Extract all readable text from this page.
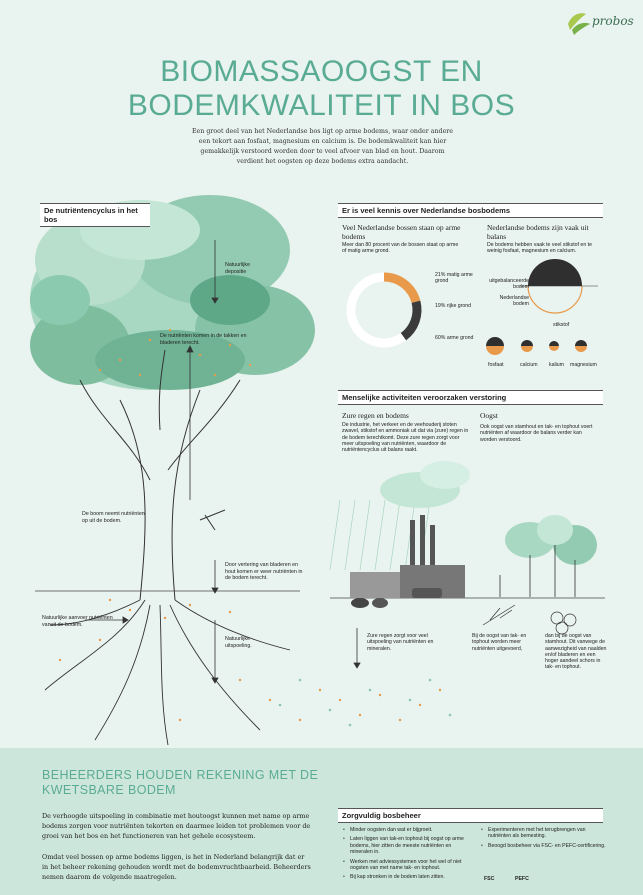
probos
BIOMASSAOOGST EN
BODEMKWALITEIT IN BOS
Een groot deel van het Nederlandse bos ligt op arme bodems, waar onder andere een tekort aan fosfaat, magnesium en calcium is. De bodemkwaliteit kan hier gemakkelijk verstoord worden door te veel afvoer van blad en hout. Daarom verdient het oogsten op deze bodems extra aandacht.
De nutriëntencyclus in het bos
Natuurlijke depositie
De nutriënten komen in de takken en bladeren terecht.
De boom neemt nutriënten op uit de bodem.
Door vertering van bladeren en hout komen er weer nutriënten in de bodem terecht.
Natuurlijke aanvoer nutriënten vanuit de bodem.
Natuurlijke uitspoeling.
Er is veel kennis over Nederlandse bosbodems
Veel Nederlandse bossen staan op arme bodems
Meer dan 80 procent van de bossen staat op arme of matig arme grond.
21% matig arme grond
19% rijke grond
60% arme grond
Nederlandse bodems zijn vaak uit balans
De bodems hebben vaak te veel stikstof en te weinig fosfaat, magnesium en calcium.
uitgebalanceerde bodem
Nederlandse bodem
stikstof
fosfaat	calcium kalium magnesium
Menselijke activiteiten veroorzaken verstoring
Zure regen en bodems
De industrie, het verkeer en de veehouderij stoten zwavel, stikstof en ammoniak uit dat via (zure) regen in de bodem terechtkomt. Deze zure regen zorgt voor meer uitspoeling van nutriënten, waardoor de nutriëntencyclus uit balans raakt.
Oogst
Ook oogst van stamhout en tak- en tophout voert nutriënten af waardoor de balans verder kan worden verstoord.
Zure regen zorgt voor veel uitspoeling van nutriënten en mineralen.
Bij de oogst van tak- en tophout worden meer nutriënten uitgevoerd,
dan bij de oogst van stamhout. Dit vanwege de aanwezigheid van naalden en/of bladeren en een hoger aandeel schors in tak- en tophout.
BEHEERDERS HOUDEN REKENING MET DE KWETSBARE BODEM
De verhoogde uitspoeling in combinatie met houtoogst kunnen met name op arme bodems zorgen voor nutriënten tekorten en daarmee leiden tot problemen voor de groei van het bos en het functioneren van het gehele ecosysteem.
Omdat veel bossen op arme bodems liggen, is het in Nederland belangrijk dat er in het beheer rekening gehouden wordt met de bodemvruchtbaarheid. Beheerders nemen daarom de volgende maatregelen.
Zorgvuldig bosbeheer
• Minder oogsten dan wat er bijgroeit.
• Laten liggen van tak-en tophout bij oogst op arme bodems, hier zitten de meeste nutriënten en mineralen in.
• Werken met adviessystemen voor het wel of niet oogsten van met name tak- en tophout.
• Bij kap stronken in de bodem laten zitten.
• Experimenteren met het terugbrengen van nutriënten als bemesting.
• Beoogd bosbeheer via FSC- en PEFC-certificering.
FSC	PEFC
